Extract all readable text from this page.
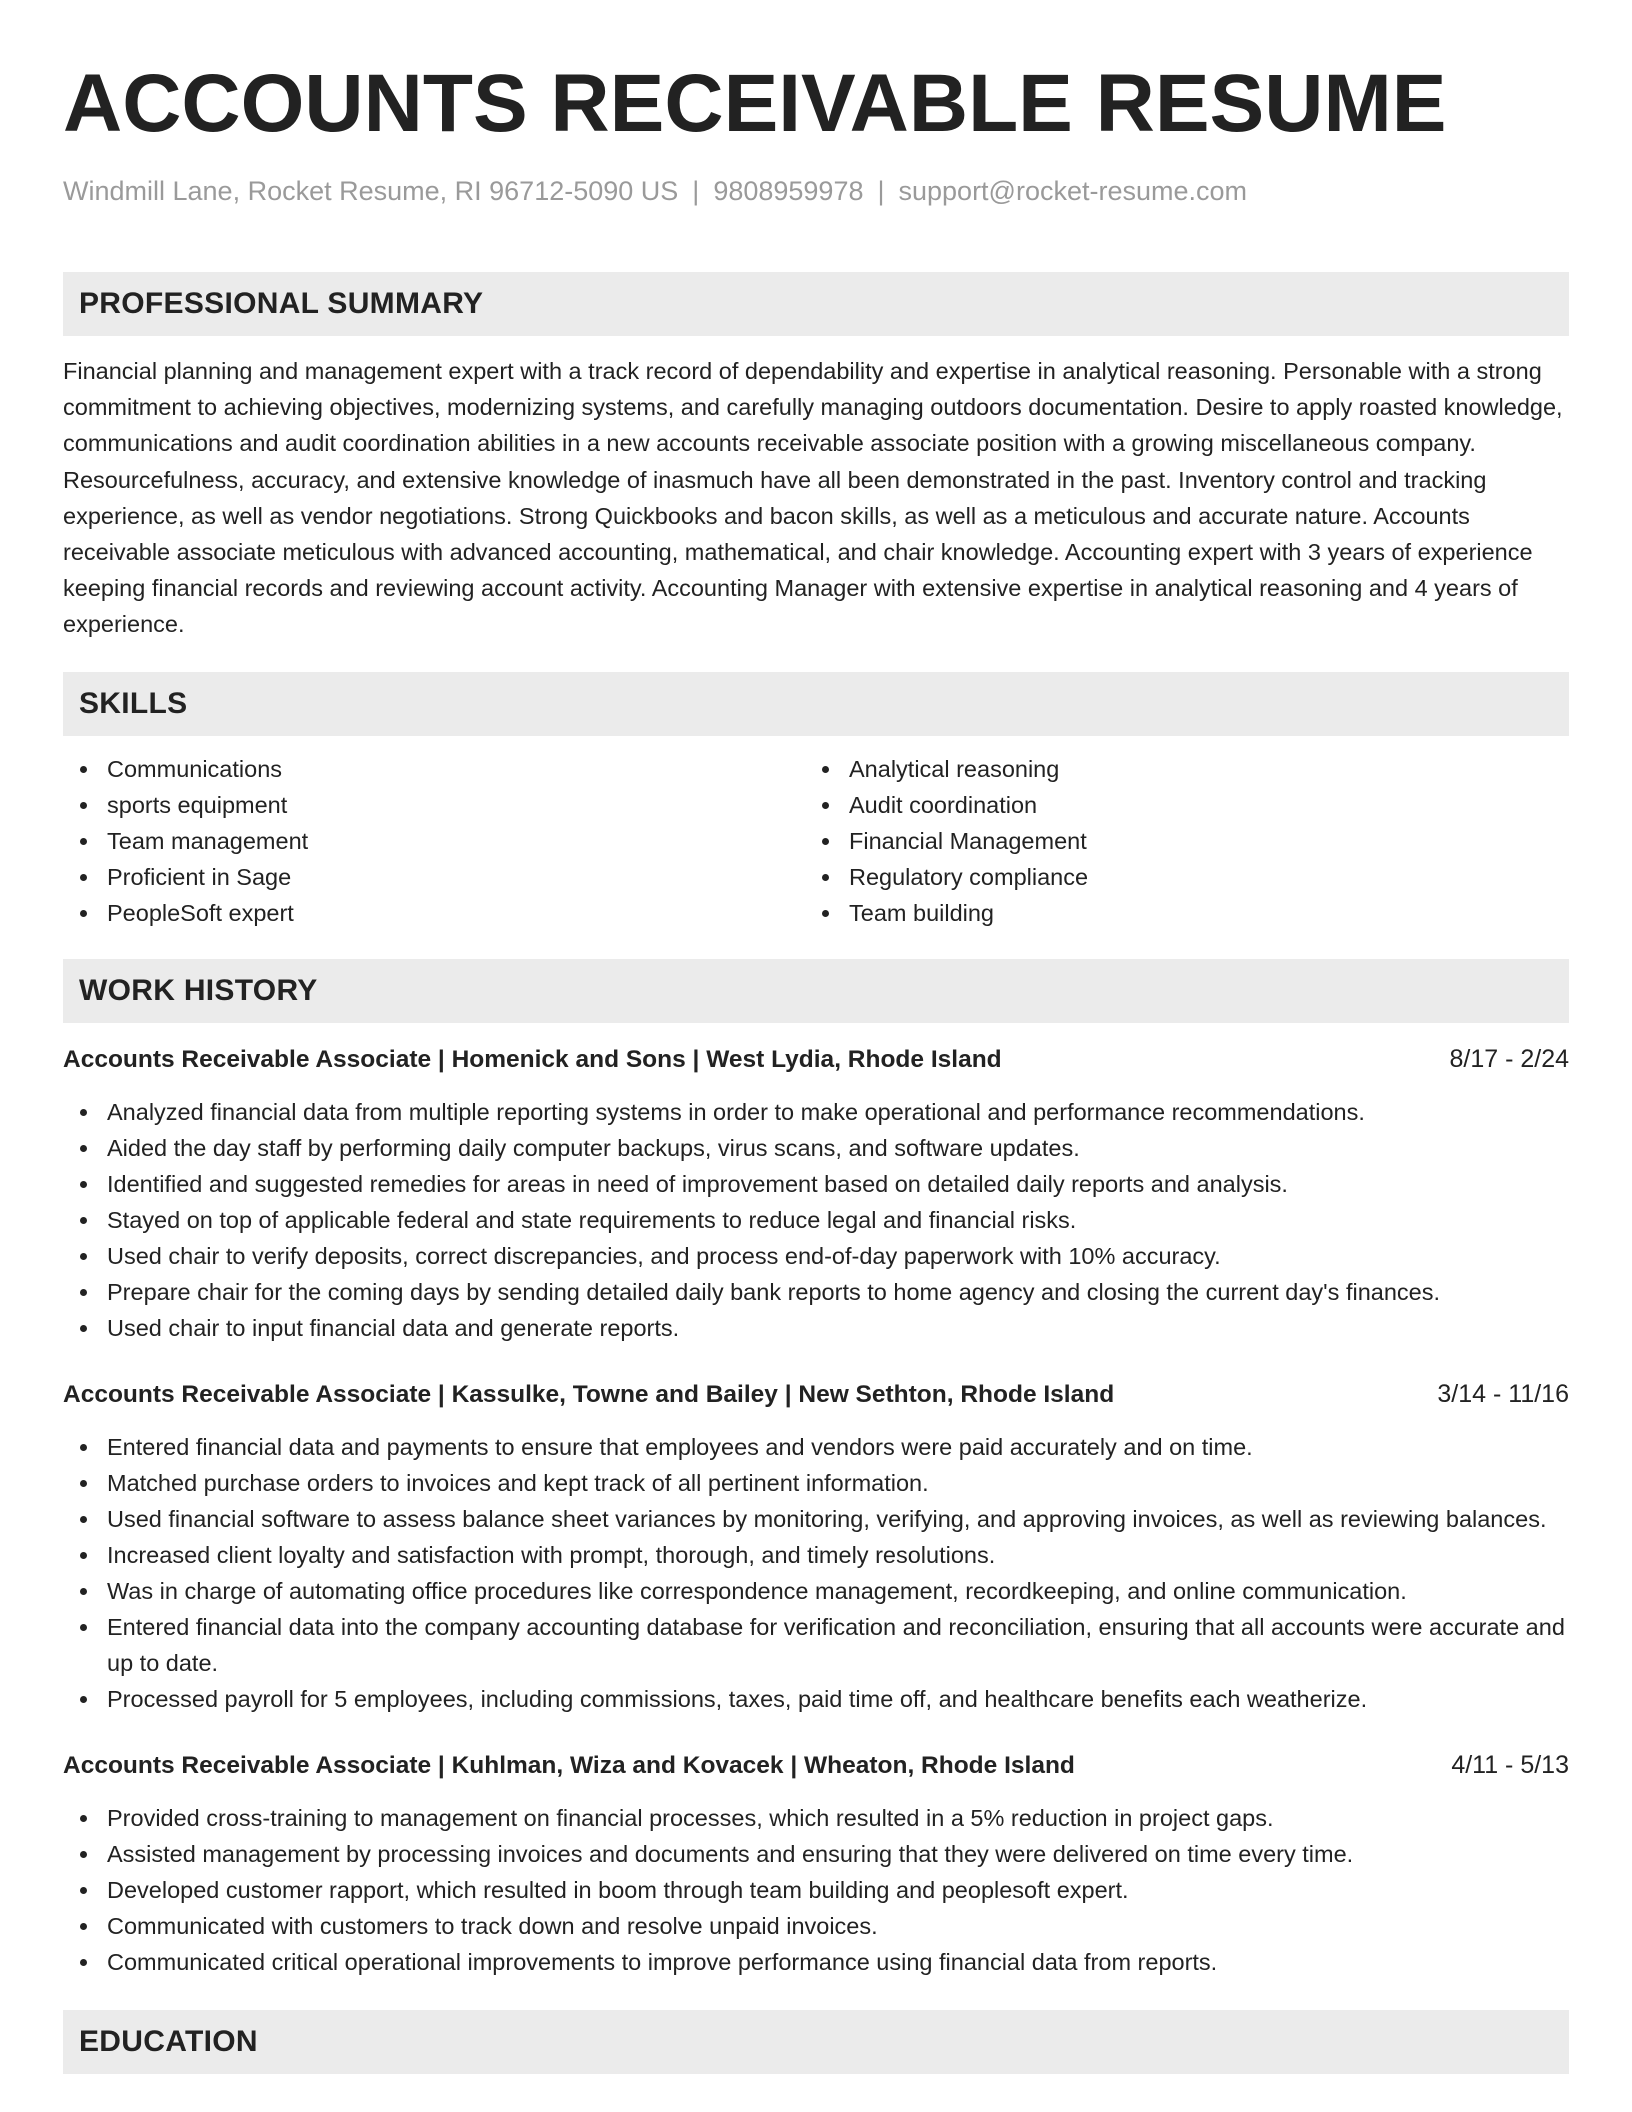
ACCOUNTS RECEIVABLE RESUME
Windmill Lane, Rocket Resume, RI 96712-5090 US | 9808959978 | support@rocket-resume.com
PROFESSIONAL SUMMARY

Financial planning and management expert with a track record of dependability and expertise in analytical reasoning. Personable with a strong commitment to achieving objectives, modernizing systems, and carefully managing outdoors documentation. Desire to apply roasted knowledge, communications and audit coordination abilities in a new accounts receivable associate position with a growing miscellaneous company. Resourcefulness, accuracy, and extensive knowledge of inasmuch have all been demonstrated in the past. Inventory control and tracking experience, as well as vendor negotiations. Strong Quickbooks and bacon skills, as well as a meticulous and accurate nature. Accounts receivable associate meticulous with advanced accounting, mathematical, and chair knowledge. Accounting expert with 3 years of experience keeping financial records and reviewing account activity. Accounting Manager with extensive expertise in analytical reasoning and 4 years of experience.

SKILLS
Communications
sports equipment
Team management
Proficient in Sage
PeopleSoft expert
Analytical reasoning
Audit coordination
Financial Management
Regulatory compliance
Team building
WORK HISTORY
Accounts Receivable Associate | Homenick and Sons | West Lydia, Rhode Island	8/17 - 2/24
Analyzed financial data from multiple reporting systems in order to make operational and performance recommendations.
Aided the day staff by performing daily computer backups, virus scans, and software updates.
Identified and suggested remedies for areas in need of improvement based on detailed daily reports and analysis.
Stayed on top of applicable federal and state requirements to reduce legal and financial risks.
Used chair to verify deposits, correct discrepancies, and process end-of-day paperwork with 10% accuracy.
Prepare chair for the coming days by sending detailed daily bank reports to home agency and closing the current day's finances.
Used chair to input financial data and generate reports.
Accounts Receivable Associate | Kassulke, Towne and Bailey | New Sethton, Rhode Island	3/14 - 11/16
Entered financial data and payments to ensure that employees and vendors were paid accurately and on time.
Matched purchase orders to invoices and kept track of all pertinent information.
Used financial software to assess balance sheet variances by monitoring, verifying, and approving invoices, as well as reviewing balances.
Increased client loyalty and satisfaction with prompt, thorough, and timely resolutions.
Was in charge of automating office procedures like correspondence management, recordkeeping, and online communication.
Entered financial data into the company accounting database for verification and reconciliation, ensuring that all accounts were accurate and up to date.
Processed payroll for 5 employees, including commissions, taxes, paid time off, and healthcare benefits each weatherize.
Accounts Receivable Associate | Kuhlman, Wiza and Kovacek | Wheaton, Rhode Island	4/11 - 5/13
Provided cross-training to management on financial processes, which resulted in a 5% reduction in project gaps.
Assisted management by processing invoices and documents and ensuring that they were delivered on time every time.
Developed customer rapport, which resulted in boom through team building and peoplesoft expert.
Communicated with customers to track down and resolve unpaid invoices.
Communicated critical operational improvements to improve performance using financial data from reports.
EDUCATION
